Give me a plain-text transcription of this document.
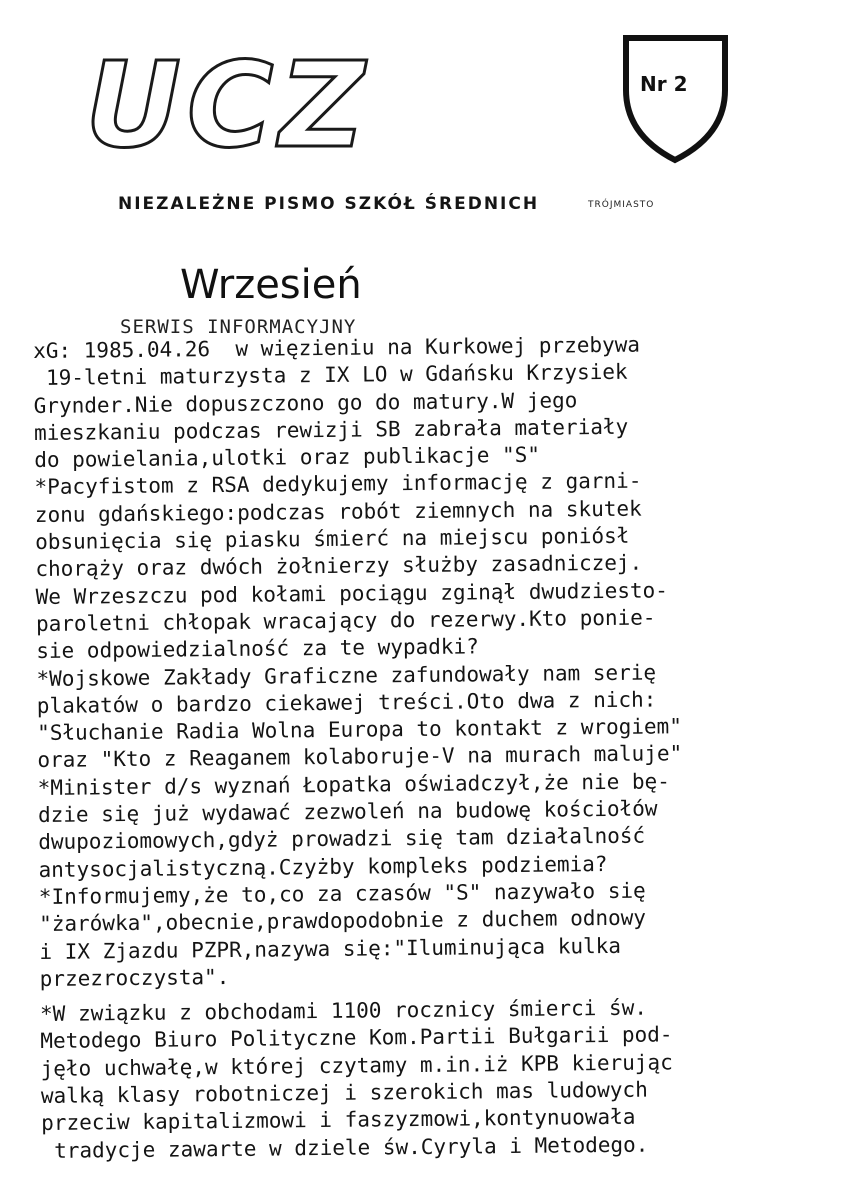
UCZ	Nr 2
NIEZALEŻNE PISMO SZKÓŁ ŚREDNICH	TRÓJMIASTO
Wrzesień
SERWIS INFORMACYJNY
xG: 1985.04.26  w więzieniu na Kurkowej przebywa
19-letni maturzysta z IX LO w Gdańsku Krzysiek
Grynder.Nie dopuszczono go do matury.W jego
mieszkaniu podczas rewizji SB zabrała materiały
do powielania,ulotki oraz publikacje "S"
*Pacyfistom z RSA dedykujemy informację z garni-
zonu gdańskiego:podczas robót ziemnych na skutek
obsunięcia się piasku śmierć na miejscu poniósł
chorąży oraz dwóch żołnierzy służby zasadniczej.
We Wrzeszczu pod kołami pociągu zginął dwudziesto-
paroletni chłopak wracający do rezerwy.Kto ponie-
sie odpowiedzialność za te wypadki?
*Wojskowe Zakłady Graficzne zafundowały nam serię
plakatów o bardzo ciekawej treści.Oto dwa z nich:
"Słuchanie Radia Wolna Europa to kontakt z wrogiem"
oraz "Kto z Reaganem kolaboruje-V na murach maluje"
*Minister d/s wyznań Łopatka oświadczył,że nie bę-
dzie się już wydawać zezwoleń na budowę kościołów
dwupoziomowych,gdyż prowadzi się tam działalność
antysocjalistyczną.Czyżby kompleks podziemia?
*Informujemy,że to,co za czasów "S" nazywało się
"żarówka",obecnie,prawdopodobnie z duchem odnowy
i IX Zjazdu PZPR,nazywa się:"Iluminująca kulka
przezroczysta".
*W związku z obchodami 1100 rocznicy śmierci św.
Metodego Biuro Polityczne Kom.Partii Bułgarii pod-
jęło uchwałę,w której czytamy m.in.iż KPB kierując
walką klasy robotniczej i szerokich mas ludowych
przeciw kapitalizmowi i faszyzmowi,kontynuowała
tradycje zawarte w dziele św.Cyryla i Metodego.
